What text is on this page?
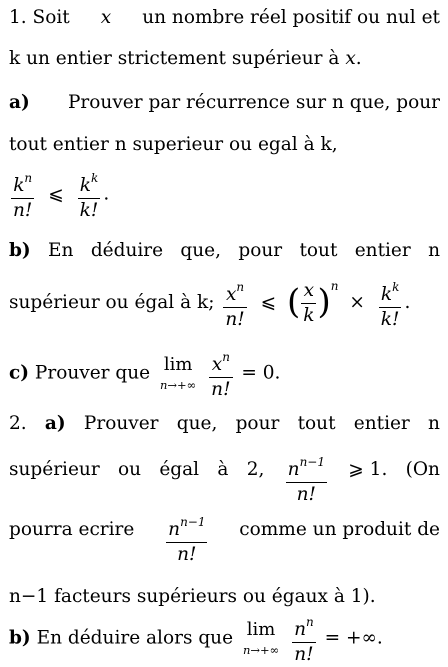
1. Soit x un nombre réel positif ou nul et
k un entier strictement supérieur à x.
a) Prouver par récurrence sur n que, pour
tout entier n superieur ou egal à k,
$\frac{k^n}{n!}$ ⩽ $\frac{k^k}{k!}$ .
b) En déduire que, pour tout entier n
supérieur ou égal à k; $\frac{x^n}{n!}$ ⩽ ( $\frac{x}{k} )^n \times \frac{k^k}{k!}$ .
c) Prouver que lim
n→+∞
$\frac{x^n}{n!} = 0$.
2. a) Prouver que, pour tout entier n
supérieur ou égal à 2, $\frac{n^{n-1}}{n!}$ ⩾ 1. (On
pourra ecrire $\frac{n^{n-1}}{n!}$ comme un produit de
n−1 facteurs supérieurs ou égaux à 1).
b) En déduire alors que lim
n→+∞
$\frac{n^n}{n!}$ = +∞.
